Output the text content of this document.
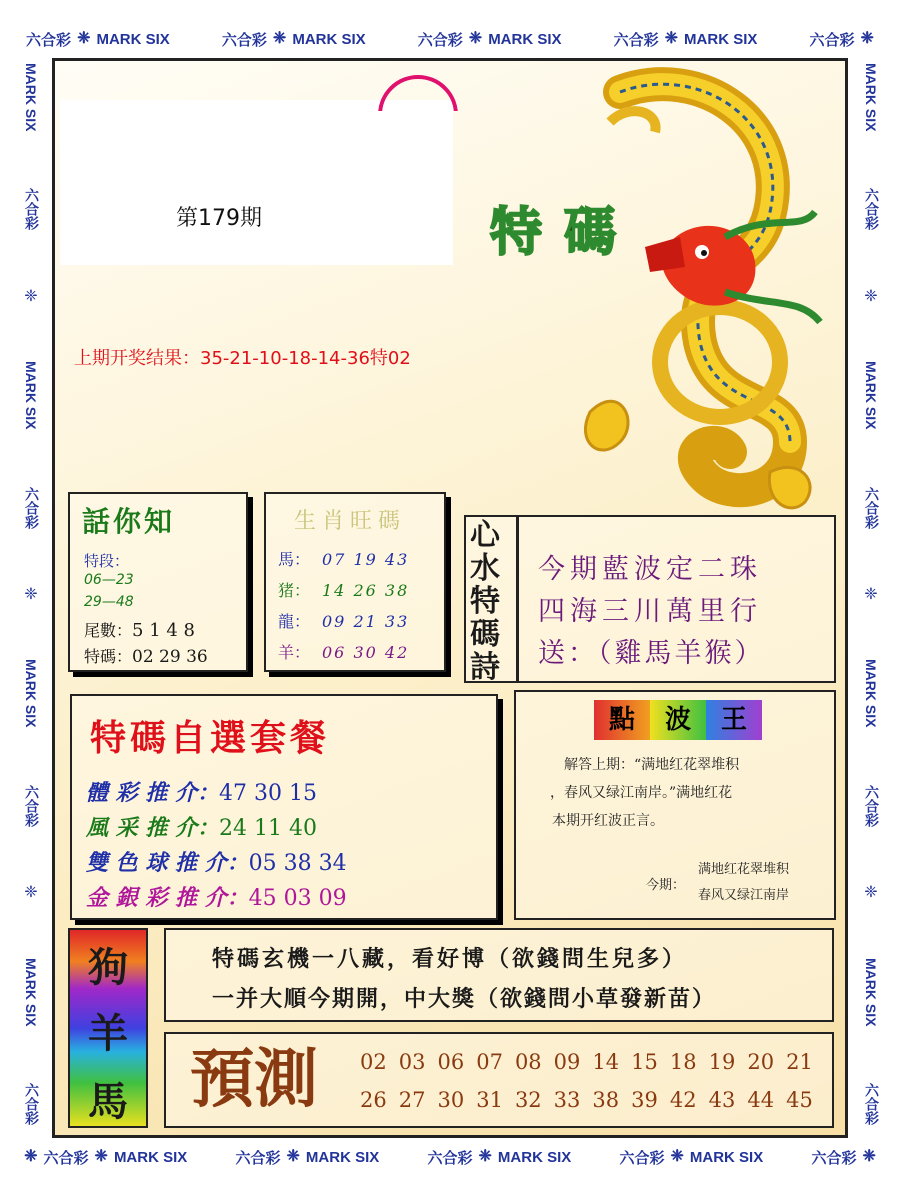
六合彩 ❈ MARK SIX	六合彩 ❈ MARK SIX	六合彩 ❈ MARK SIX	六合彩 ❈ MARK SIX	六合彩 ❈
❈ 六合彩 ❈ MARK SIX	六合彩 ❈ MARK SIX	六合彩 ❈ MARK SIX	六合彩 ❈ MARK SIX	六合彩 ❈
MARK SIX
六合彩
❈
MARK SIX
六合彩
❈
MARK SIX
六合彩
❈
MARK SIX
六合彩
MARK SIX
六合彩
❈
MARK SIX
六合彩
❈
MARK SIX
六合彩
❈
MARK SIX
六合彩
特碼
第179期
上期开奖结果：35-21-10-18-14-36特02
話你知
特段：
06—23
29—48
尾數： 5 1 4 8
特碼： 02 29 36
生肖旺碼
馬： 07 19 43
猪： 14 26 38
龍： 09 21 33
羊： 06 30 42
心水特碼詩
今期藍波定二珠
四海三川萬里行
送：（雞馬羊猴）
特碼自選套餐
體 彩 推 介： 47 30 15
風 采 推 介： 24 11 40
雙 色 球 推 介： 05 38 34
金 銀 彩 推 介： 45 03 09
點	波	王
解答上期：“满地红花翠堆积
，春风又绿江南岸。”满地红花
本期开红波正言。
今期：
满地红花翠堆积
春风又绿江南岸
狗
羊
馬
特碼玄機一八藏，看好博（欲錢問生兒多）
一并大順今期開，中大獎（欲錢問小草發新苗）
預測 02 03 06 07 08 09 14 15 18 19 20 21
26 27 30 31 32 33 38 39 42 43 44 45
